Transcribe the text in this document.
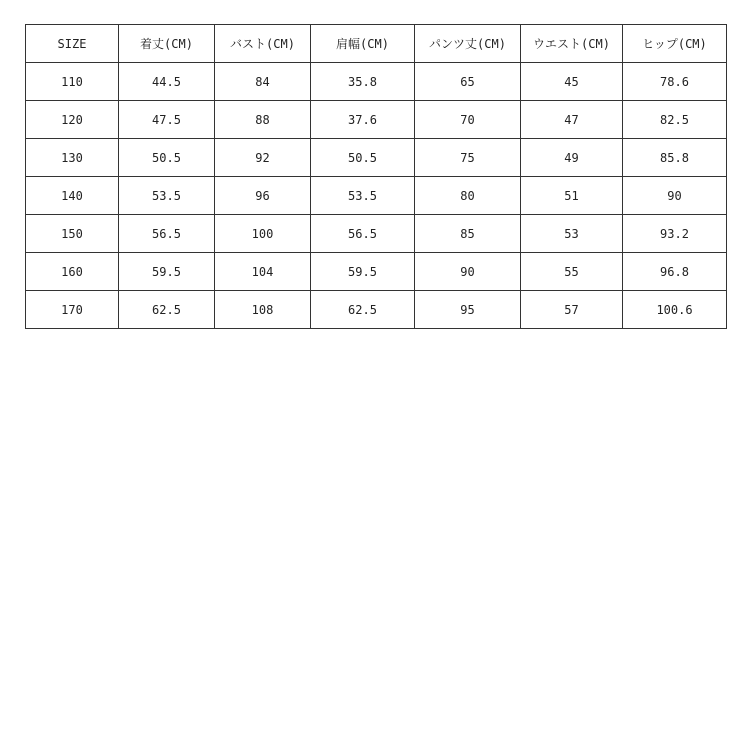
SIZE	着丈(CM)	バスト(CM)	肩幅(CM)	パンツ丈(CM)	ウエスト(CM)	ヒップ(CM)
110	44.5	84	35.8	65	45	78.6
120	47.5	88	37.6	70	47	82.5
130	50.5	92	50.5	75	49	85.8
140	53.5	96	53.5	80	51	90
150	56.5	100	56.5	85	53	93.2
160	59.5	104	59.5	90	55	96.8
170	62.5	108	62.5	95	57	100.6
